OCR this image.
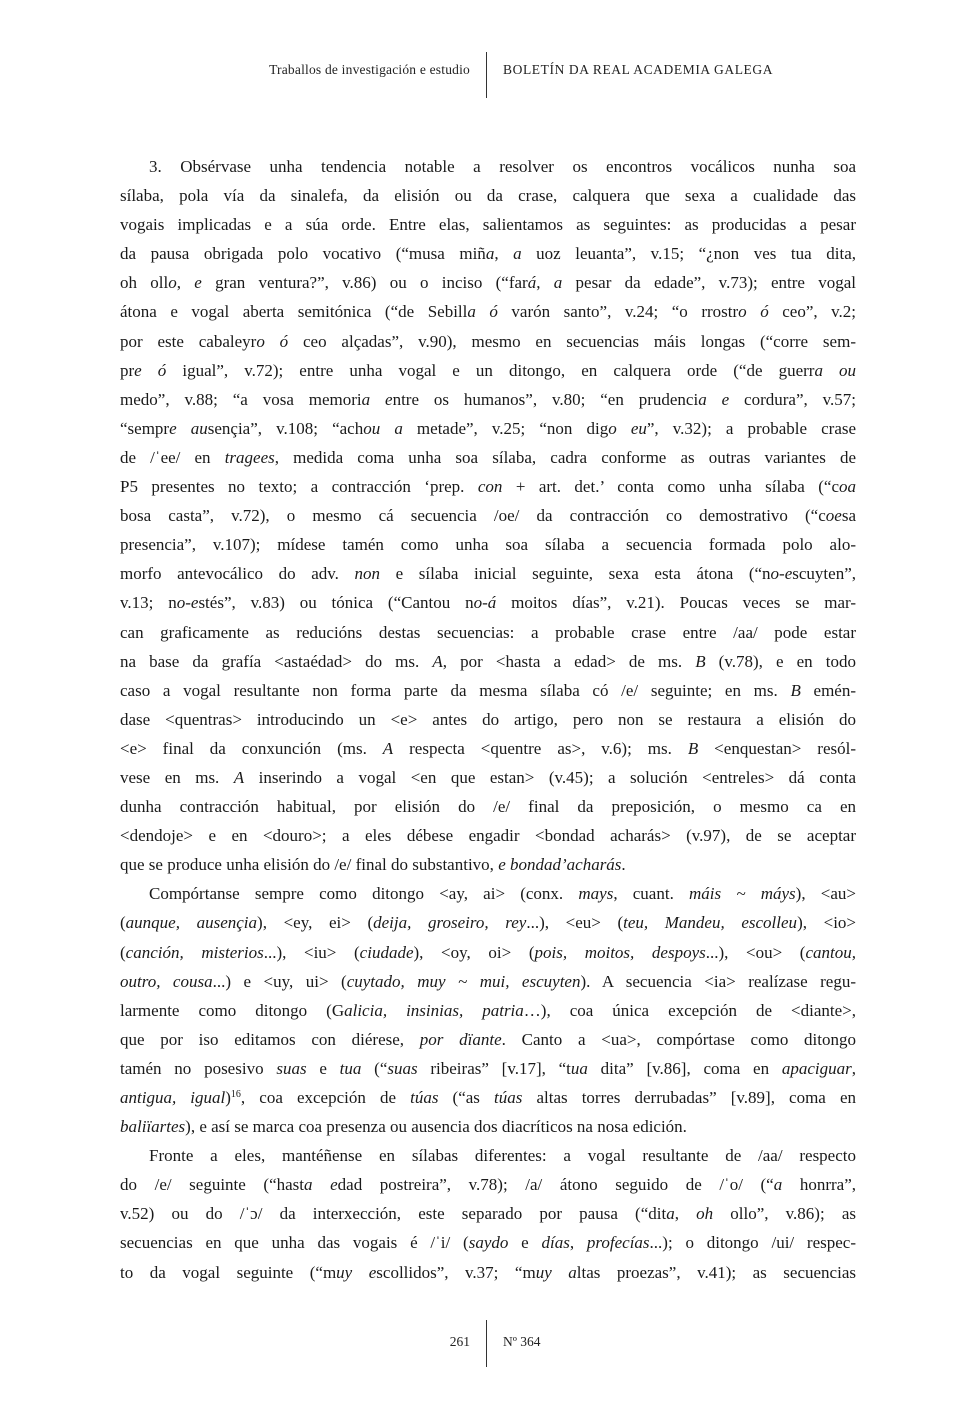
Traballos de investigación e estudio BOLETÍN DA REAL ACADEMIA GALEGA
3. Obsérvase unha tendencia notable a resolver os encontros vocálicos nunha soa
sílaba, pola vía da sinalefa, da elisión ou da crase, calquera que sexa a cualidade das
vogais implicadas e a súa orde. Entre elas, salientamos as seguintes: as producidas a pesar
da pausa obrigada polo vocativo (“musa miña, a uoz leuanta”, v.15; “¿non ves tua dita,
oh ollo, e gran ventura?”, v.86) ou o inciso (“fará, a pesar da edade”, v.73); entre vogal
átona e vogal aberta semitónica (“de Sebilla ó varón santo”, v.24; “o rrostro ó ceo”, v.2;
por este cabaleyro ó ceo alçadas”, v.90), mesmo en secuencias máis longas (“corre sem-
pre ó igual”, v.72); entre unha vogal e un ditongo, en calquera orde (“de guerra ou
medo”, v.88; “a vosa memoria entre os humanos”, v.80; “en prudencia e cordura”, v.57;
“sempre ausençia”, v.108; “achou a metade”, v.25; “non digo eu”, v.32); a probable crase
de /ˈee/ en tragees, medida coma unha soa sílaba, cadra conforme as outras variantes de
P5 presentes no texto; a contracción ‘prep. con + art. det.’ conta como unha sílaba (“coa
bosa casta”, v.72), o mesmo cá secuencia /oe/ da contracción co demostrativo (“coesa
presencia”, v.107); mídese tamén como unha soa sílaba a secuencia formada polo alo-
morfo antevocálico do adv. non e sílaba inicial seguinte, sexa esta átona (“no-escuyten”,
v.13; no-estés”, v.83) ou tónica (“Cantou no-á moitos días”, v.21). Poucas veces se mar-
can graficamente as reducións destas secuencias: a probable crase entre /aa/ pode estar
na base da grafía <astaédad> do ms. A, por <hasta a edad> de ms. B (v.78), e en todo
caso a vogal resultante non forma parte da mesma sílaba có /e/ seguinte; en ms. B emén-
dase <quentras> introducindo un <e> antes do artigo, pero non se restaura a elisión do
<e> final da conxunción (ms. A respecta <quentre as>, v.6); ms. B <enquestan> resól-
vese en ms. A inserindo a vogal <en que estan> (v.45); a solución <entreles> dá conta
dunha contracción habitual, por elisión do /e/ final da preposición, o mesmo ca en
<dendoje> e en <douro>; a eles débese engadir <bondad acharás> (v.97), de se aceptar
que se produce unha elisión do /e/ final do substantivo, e bondad’acharás.
Compórtanse sempre como ditongo <ay, ai> (conx. mays, cuant. máis ~ máys), <au>
(aunque, ausençia), <ey, ei> (deija, groseiro, rey...), <eu> (teu, Mandeu, escolleu), <io>
(canción, misterios...), <iu> (ciudade), <oy, oi> (pois, moitos, despoys...), <ou> (cantou,
outro, cousa...) e <uy, ui> (cuytado, muy ~ mui, escuyten). A secuencia <ia> realízase regu-
larmente como ditongo (Galicia, insinias, patria…), coa única excepción de <diante>,
que por iso editamos con diérese, por dïante. Canto a <ua>, compórtase como ditongo
tamén no posesivo suas e tua (“suas ribeiras” [v.17], “tua dita” [v.86], coma en apaciguar,
antigua, igual)$^{16}$, coa excepción de túas (“as túas altas torres derrubadas” [v.89], coma en
baliïartes), e así se marca coa presenza ou ausencia dos diacríticos na nosa edición.
Fronte a eles, mantéñense en sílabas diferentes: a vogal resultante de /aa/ respecto
do /e/ seguinte (“hasta edad postreira”, v.78); /a/ átono seguido de /ˈo/ (“a honrra”,
v.52) ou do /ˈɔ/ da interxección, este separado por pausa (“dita, oh ollo”, v.86); as
secuencias en que unha das vogais é /ˈi/ (saydo e días, profecías...); o ditongo /ui/ respec-
to da vogal seguinte (“muy escollidos”, v.37; “muy altas proezas”, v.41); as secuencias
261 Nº 364
